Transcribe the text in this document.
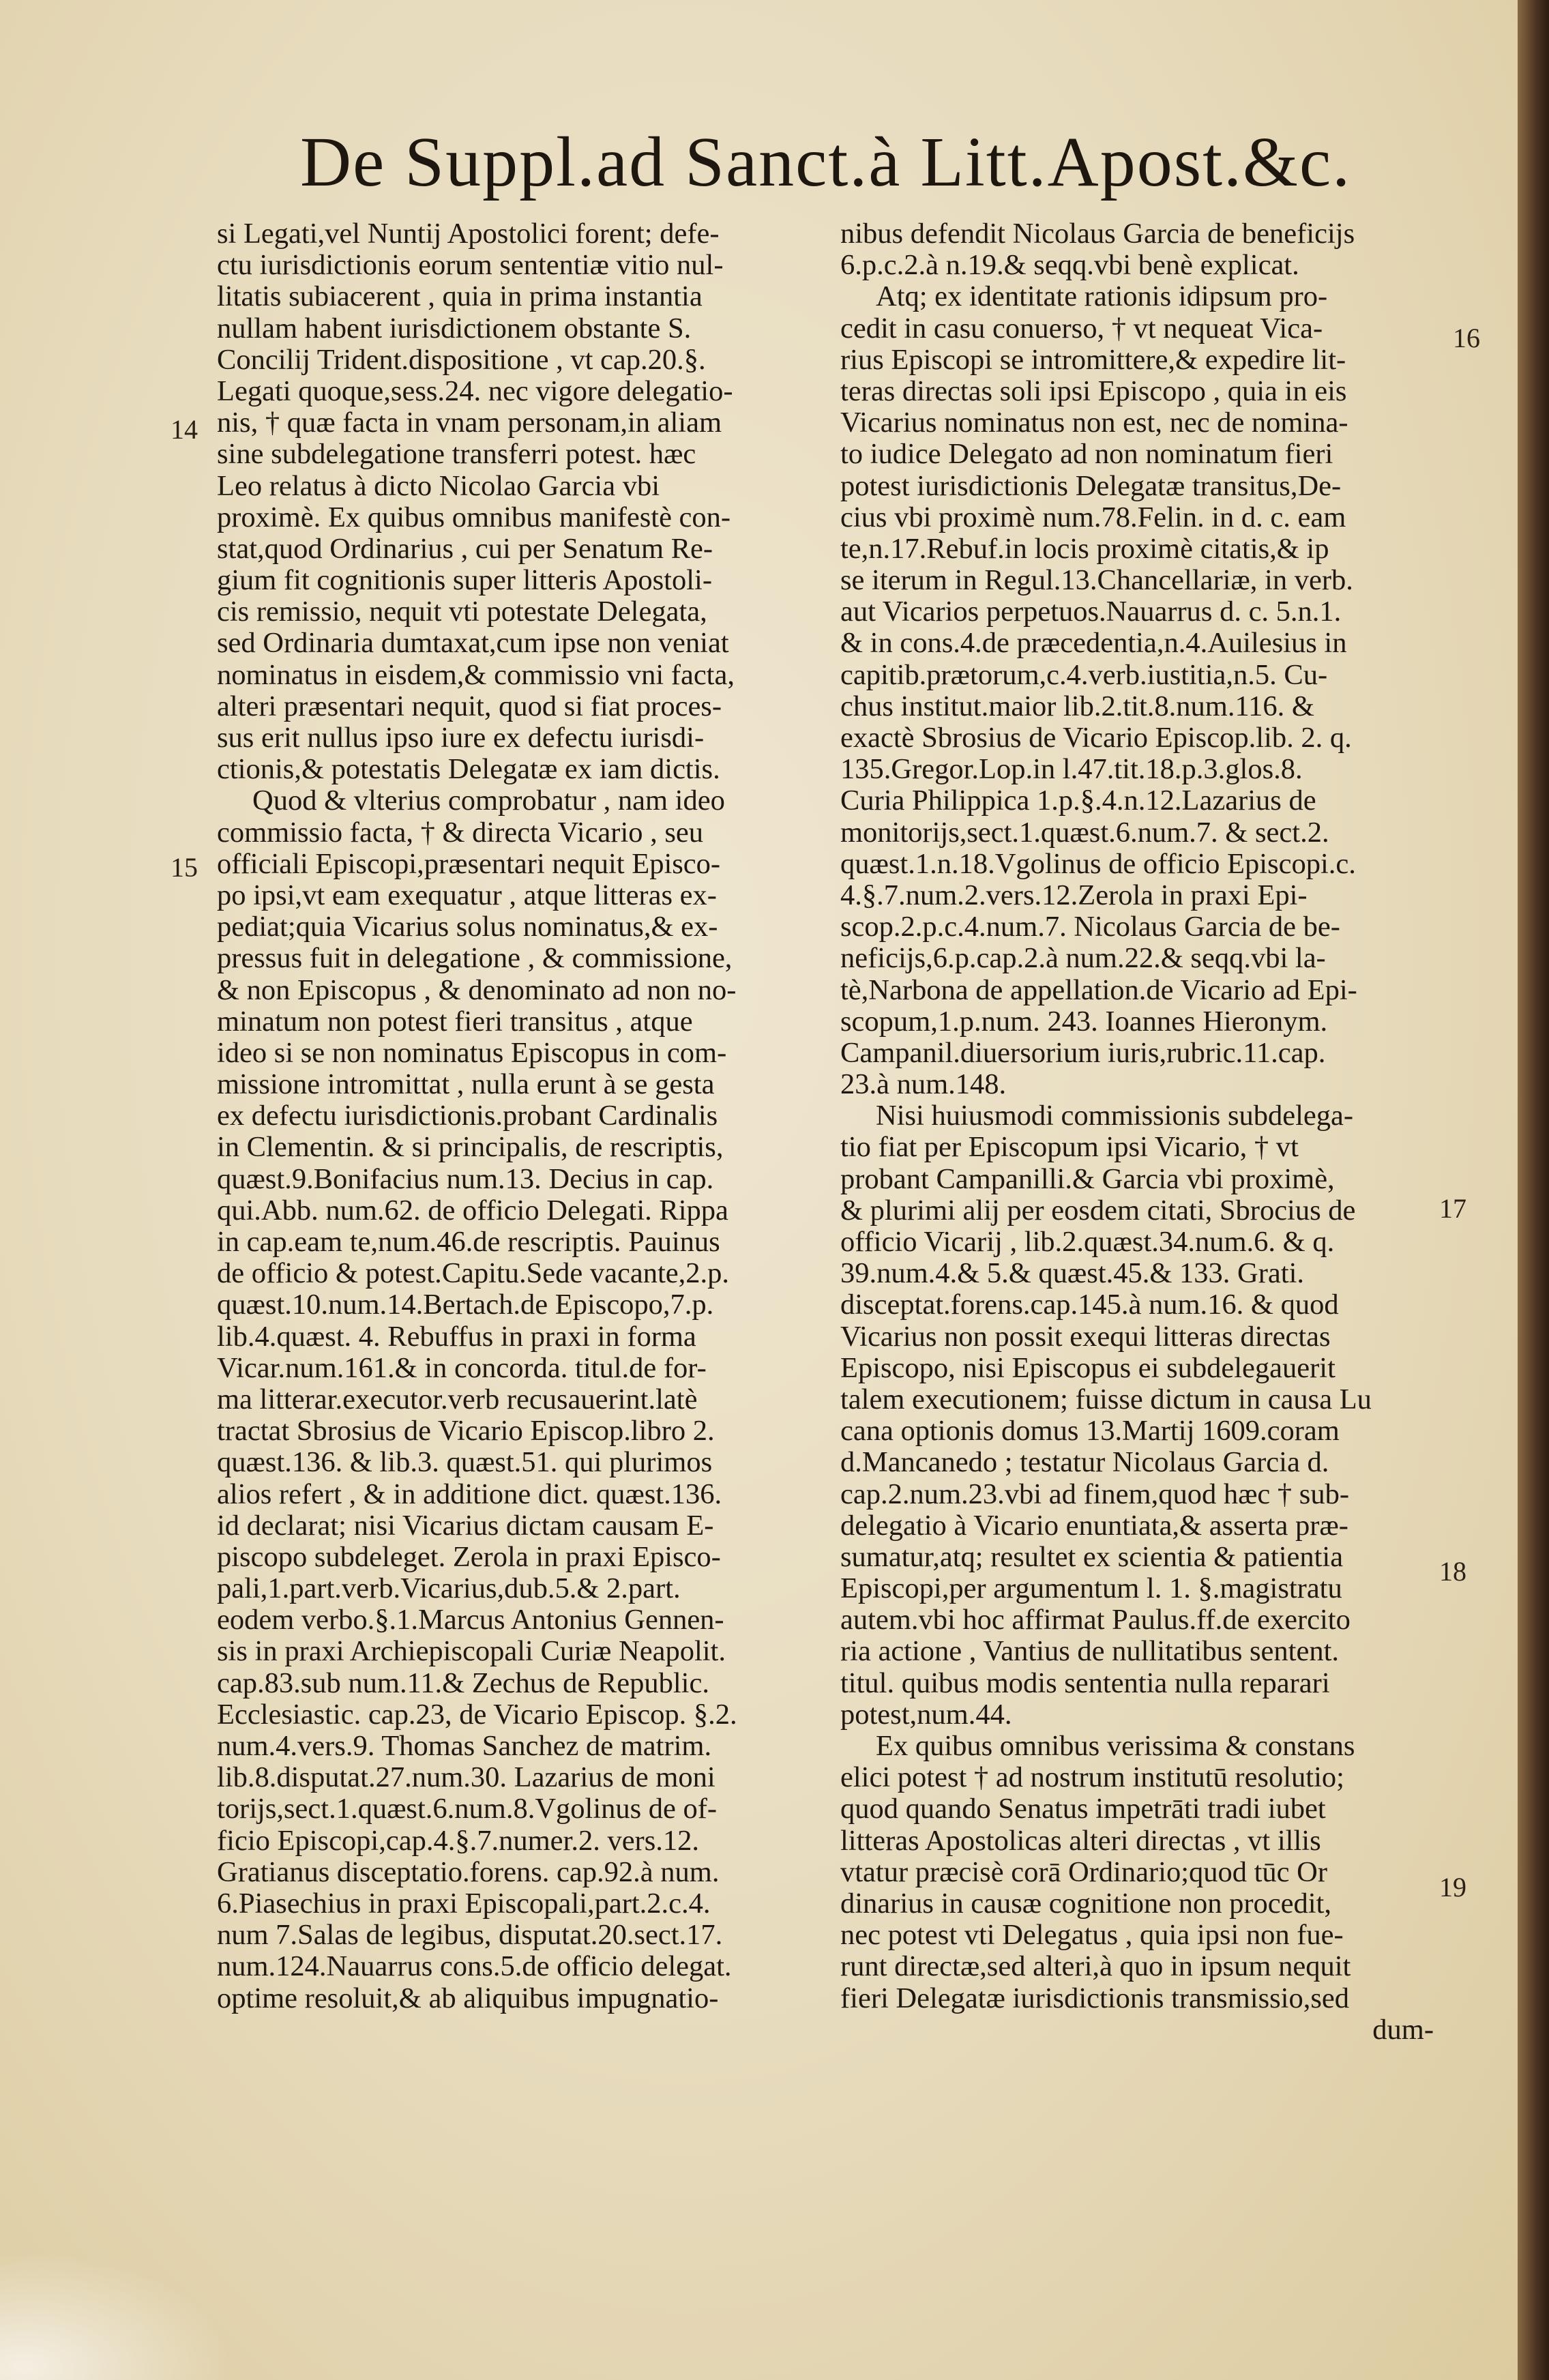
De Suppl.ad Sanct.à Litt.Apost.&c.
si Legati,vel Nuntij Apostolici forent; defe-
ctu iurisdictionis eorum sententiæ vitio nul-
litatis subiacerent , quia in prima instantia
nullam habent iurisdictionem obstante S.
Concilij Trident.dispositione , vt cap.20.§.
Legati quoque,sess.24. nec vigore delegatio-
nis, † quæ facta in vnam personam,in aliam
sine subdelegatione transferri potest. hæc
Leo relatus à dicto Nicolao Garcia vbi
proximè. Ex quibus omnibus manifestè con-
stat,quod Ordinarius , cui per Senatum Re-
gium fit cognitionis super litteris Apostoli-
cis remissio, nequit vti potestate Delegata,
sed Ordinaria dumtaxat,cum ipse non veniat
nominatus in eisdem,& commissio vni facta,
alteri præsentari nequit, quod si fiat proces-
sus erit nullus ipso iure ex defectu iurisdi-
ctionis,& potestatis Delegatæ ex iam dictis.
Quod & vlterius comprobatur , nam ideo
commissio facta, † & directa Vicario , seu
officiali Episcopi,præsentari nequit Episco-
po ipsi,vt eam exequatur , atque litteras ex-
pediat;quia Vicarius solus nominatus,& ex-
pressus fuit in delegatione , & commissione,
& non Episcopus , & denominato ad non no-
minatum non potest fieri transitus , atque
ideo si se non nominatus Episcopus in com-
missione intromittat , nulla erunt à se gesta
ex defectu iurisdictionis.probant Cardinalis
in Clementin. & si principalis, de rescriptis,
quæst.9.Bonifacius num.13. Decius in cap.
qui.Abb. num.62. de officio Delegati. Rippa
in cap.eam te,num.46.de rescriptis. Pauinus
de officio & potest.Capitu.Sede vacante,2.p.
quæst.10.num.14.Bertach.de Episcopo,7.p.
lib.4.quæst. 4. Rebuffus in praxi in forma
Vicar.num.161.& in concorda. titul.de for-
ma litterar.executor.verb recusauerint.latè
tractat Sbrosius de Vicario Episcop.libro 2.
quæst.136. & lib.3. quæst.51. qui plurimos
alios refert , & in additione dict. quæst.136.
id declarat; nisi Vicarius dictam causam E-
piscopo subdeleget. Zerola in praxi Episco-
pali,1.part.verb.Vicarius,dub.5.& 2.part.
eodem verbo.§.1.Marcus Antonius Gennen-
sis in praxi Archiepiscopali Curiæ Neapolit.
cap.83.sub num.11.& Zechus de Republic.
Ecclesiastic. cap.23, de Vicario Episcop. §.2.
num.4.vers.9. Thomas Sanchez de matrim.
lib.8.disputat.27.num.30. Lazarius de moni
torijs,sect.1.quæst.6.num.8.Vgolinus de of-
ficio Episcopi,cap.4.§.7.numer.2. vers.12.
Gratianus disceptatio.forens. cap.92.à num.
6.Piasechius in praxi Episcopali,part.2.c.4.
num 7.Salas de legibus, disputat.20.sect.17.
num.124.Nauarrus cons.5.de officio delegat.
optime resoluit,& ab aliquibus impugnatio-
nibus defendit Nicolaus Garcia de beneficijs
6.p.c.2.à n.19.& seqq.vbi benè explicat.
Atq; ex identitate rationis idipsum pro-
cedit in casu conuerso, † vt nequeat Vica-
rius Episcopi se intromittere,& expedire lit-
teras directas soli ipsi Episcopo , quia in eis
Vicarius nominatus non est, nec de nomina-
to iudice Delegato ad non nominatum fieri
potest iurisdictionis Delegatæ transitus,De-
cius vbi proximè num.78.Felin. in d. c. eam
te,n.17.Rebuf.in locis proximè citatis,& ip
se iterum in Regul.13.Chancellariæ, in verb.
aut Vicarios perpetuos.Nauarrus d. c. 5.n.1.
& in cons.4.de præcedentia,n.4.Auilesius in
capitib.prætorum,c.4.verb.iustitia,n.5. Cu-
chus institut.maior lib.2.tit.8.num.116. &
exactè Sbrosius de Vicario Episcop.lib. 2. q.
135.Gregor.Lop.in l.47.tit.18.p.3.glos.8.
Curia Philippica 1.p.§.4.n.12.Lazarius de
monitorijs,sect.1.quæst.6.num.7. & sect.2.
quæst.1.n.18.Vgolinus de officio Episcopi.c.
4.§.7.num.2.vers.12.Zerola in praxi Epi-
scop.2.p.c.4.num.7. Nicolaus Garcia de be-
neficijs,6.p.cap.2.à num.22.& seqq.vbi la-
tè,Narbona de appellation.de Vicario ad Epi-
scopum,1.p.num. 243. Ioannes Hieronym.
Campanil.diuersorium iuris,rubric.11.cap.
23.à num.148.
Nisi huiusmodi commissionis subdelega-
tio fiat per Episcopum ipsi Vicario, † vt
probant Campanilli.& Garcia vbi proximè,
& plurimi alij per eosdem citati, Sbrocius de
officio Vicarij , lib.2.quæst.34.num.6. & q.
39.num.4.& 5.& quæst.45.& 133. Grati.
disceptat.forens.cap.145.à num.16. & quod
Vicarius non possit exequi litteras directas
Episcopo, nisi Episcopus ei subdelegauerit
talem executionem; fuisse dictum in causa Lu
cana optionis domus 13.Martij 1609.coram
d.Mancanedo ; testatur Nicolaus Garcia d.
cap.2.num.23.vbi ad finem,quod hæc † sub-
delegatio à Vicario enuntiata,& asserta præ-
sumatur,atq; resultet ex scientia & patientia
Episcopi,per argumentum l. 1. §.magistratu
autem.vbi hoc affirmat Paulus.ff.de exercito
ria actione , Vantius de nullitatibus sentent.
titul. quibus modis sententia nulla reparari
potest,num.44.
Ex quibus omnibus verissima & constans
elici potest † ad nostrum institutū resolutio;
quod quando Senatus impetrāti tradi iubet
litteras Apostolicas alteri directas , vt illis
vtatur præcisè corā Ordinario;quod tūc Or
dinarius in causæ cognitione non procedit,
nec potest vti Delegatus , quia ipsi non fue-
runt directæ,sed alteri,à quo in ipsum nequit
fieri Delegatæ iurisdictionis transmissio,sed
dum-
14
15
16
17
18
19
